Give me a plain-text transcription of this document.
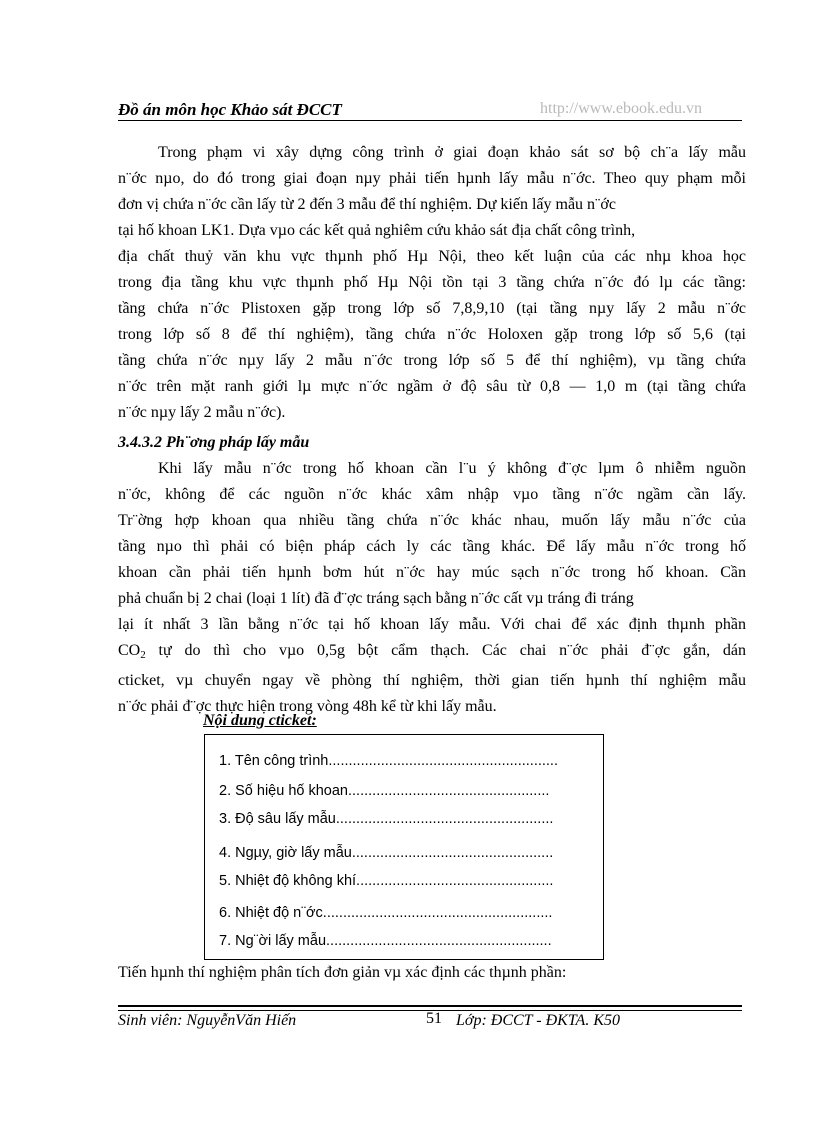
Đồ án môn học Khảo sát ĐCCT	http://www.ebook.edu.vn
Trong phạm vi xây dựng công trình ở giai đoạn khảo sát sơ bộ ch¨a lấy mẫu
n¨ớc nµo, do đó trong giai đoạn nµy phải tiến hµnh lấy mẫu n¨ớc. Theo quy phạm mỗi
đơn vị chứa n¨ớc cần lấy từ 2 đến 3 mẫu để thí nghiệm. Dự kiến lấy mẫu n¨ớc
tại hố khoan LK1. Dựa vµo các kết quả nghiêm cứu khảo sát địa chất công trình,
địa chất thuỷ văn khu vực thµnh phố Hµ Nội, theo kết luận của các nhµ khoa học
trong địa tầng khu vực thµnh phố Hµ Nội tồn tại 3 tầng chứa n¨ớc đó lµ các tầng:
tầng chứa n¨ớc Plistoxen gặp trong lớp số 7,8,9,10 (tại tầng nµy lấy 2 mẫu n¨ớc
trong lớp số 8 để thí nghiệm), tầng chứa n¨ớc Holoxen gặp trong lớp số 5,6 (tại
tầng chứa n¨ớc nµy lấy 2 mẫu n¨ớc trong lớp số 5 để thí nghiệm), vµ tầng chứa
n¨ớc trên mặt ranh giới lµ mực n¨ớc ngầm ở độ sâu từ 0,8 — 1,0 m (tại tầng chứa
n¨ớc nµy lấy 2 mẫu n¨ớc).
3.4.3.2 Ph¨ơng pháp lấy mẫu
Khi lấy mẫu n¨ớc trong hố khoan cần l¨u ý không đ¨ợc lµm ô nhiễm nguồn
n¨ớc, không để các nguồn n¨ớc khác xâm nhập vµo tầng n¨ớc ngầm cần lấy.
Tr¨ờng hợp khoan qua nhiều tầng chứa n¨ớc khác nhau, muốn lấy mẫu n¨ớc của
tầng nµo thì phải có biện pháp cách ly các tầng khác. Để lấy mẫu n¨ớc trong hố
khoan cần phải tiến hµnh bơm hút n¨ớc hay múc sạch n¨ớc trong hố khoan. Cần
phả chuẩn bị 2 chai (loại 1 lít) đã đ¨ợc tráng sạch bằng n¨ớc cất vµ tráng đi tráng
lại ít nhất 3 lần bằng n¨ớc tại hố khoan lấy mẫu. Với chai để xác định thµnh phần
$CO_2$ tự do thì cho vµo 0,5g bột cẩm thạch. Các chai n¨ớc phải đ¨ợc gắn, dán
cticket, vµ chuyển ngay về phòng thí nghiệm, thời gian tiến hµnh thí nghiệm mẫu
n¨ớc phải đ¨ợc thực hiện trong vòng 48h kể từ khi lấy mẫu.
Nội dung cticket:
1. Tên công trình.........................................................
2. Số hiệu hố khoan..................................................
3. Độ sâu lấy mẫu......................................................
4. Ngµy, giờ lấy mẫu..................................................
5. Nhiệt độ không khí.................................................
6. Nhiệt độ n¨ớc.........................................................
7. Ng¨ời lấy mẫu........................................................
Tiến hµnh thí nghiệm phân tích đơn giản vµ xác định các thµnh phần:
Sinh viên: NguyễnVăn Hiến	51 Lớp: ĐCCT - ĐKTA. K50
